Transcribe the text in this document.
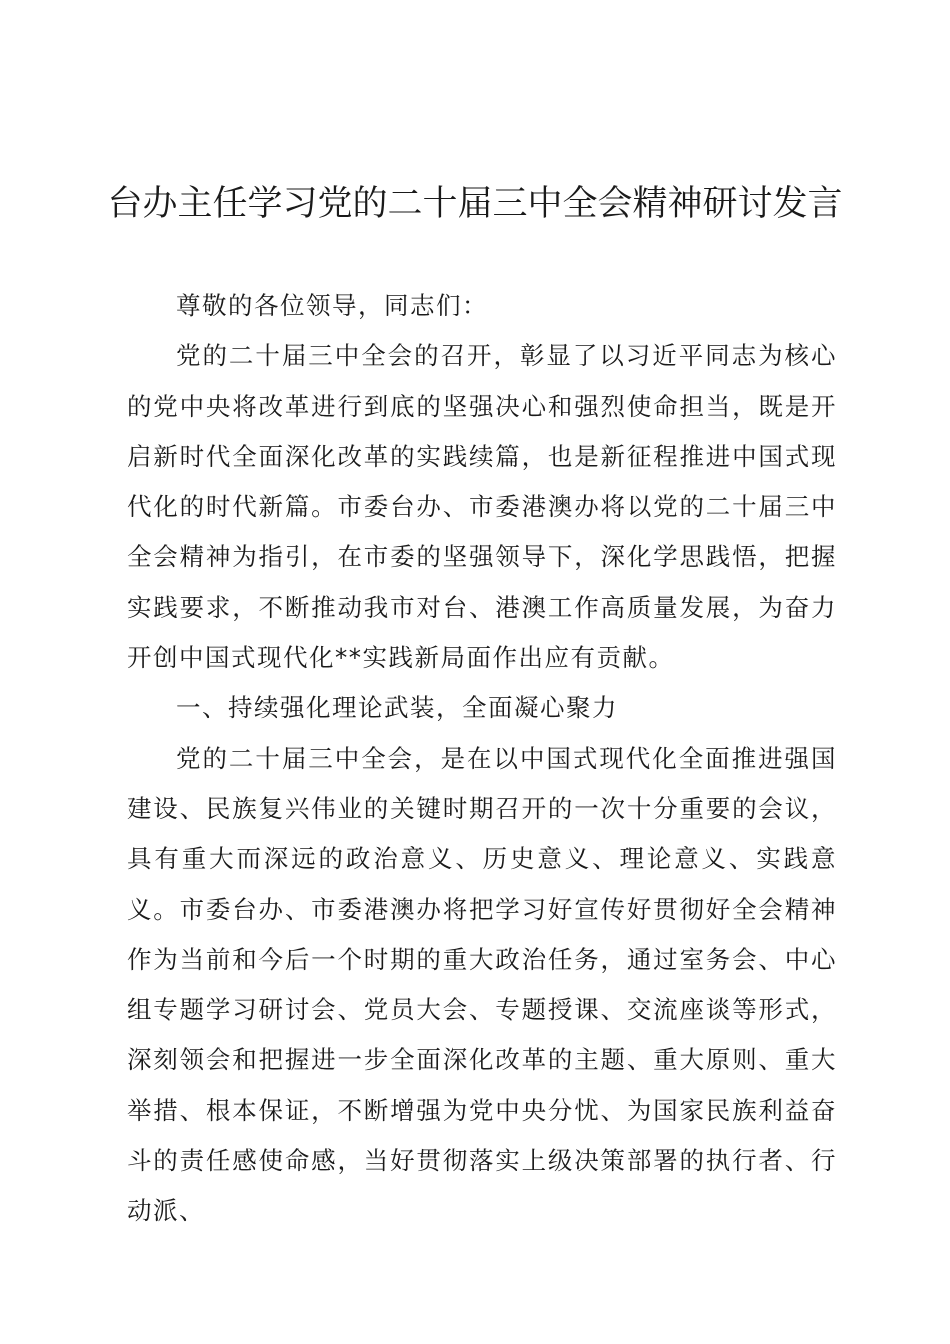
台办主任学习党的二十届三中全会精神研讨发言

尊敬的各位领导，同志们：

党的二十届三中全会的召开，彰显了以习近平同志为核心的党中央将改革进行到底的坚强决心和强烈使命担当，既是开启新时代全面深化改革的实践续篇，也是新征程推进中国式现代化的时代新篇。市委台办、市委港澳办将以党的二十届三中全会精神为指引，在市委的坚强领导下，深化学思践悟，把握实践要求，不断推动我市对台、港澳工作高质量发展，为奋力开创中国式现代化**实践新局面作出应有贡献。

一、持续强化理论武装，全面凝心聚力

党的二十届三中全会，是在以中国式现代化全面推进强国建设、民族复兴伟业的关键时期召开的一次十分重要的会议，具有重大而深远的政治意义、历史意义、理论意义、实践意义。市委台办、市委港澳办将把学习好宣传好贯彻好全会精神作为当前和今后一个时期的重大政治任务，通过室务会、中心组专题学习研讨会、党员大会、专题授课、交流座谈等形式，深刻领会和把握进一步全面深化改革的主题、重大原则、重大举措、根本保证，不断增强为党中央分忧、为国家民族利益奋斗的责任感使命感，当好贯彻落实上级决策部署的执行者、行动派、
